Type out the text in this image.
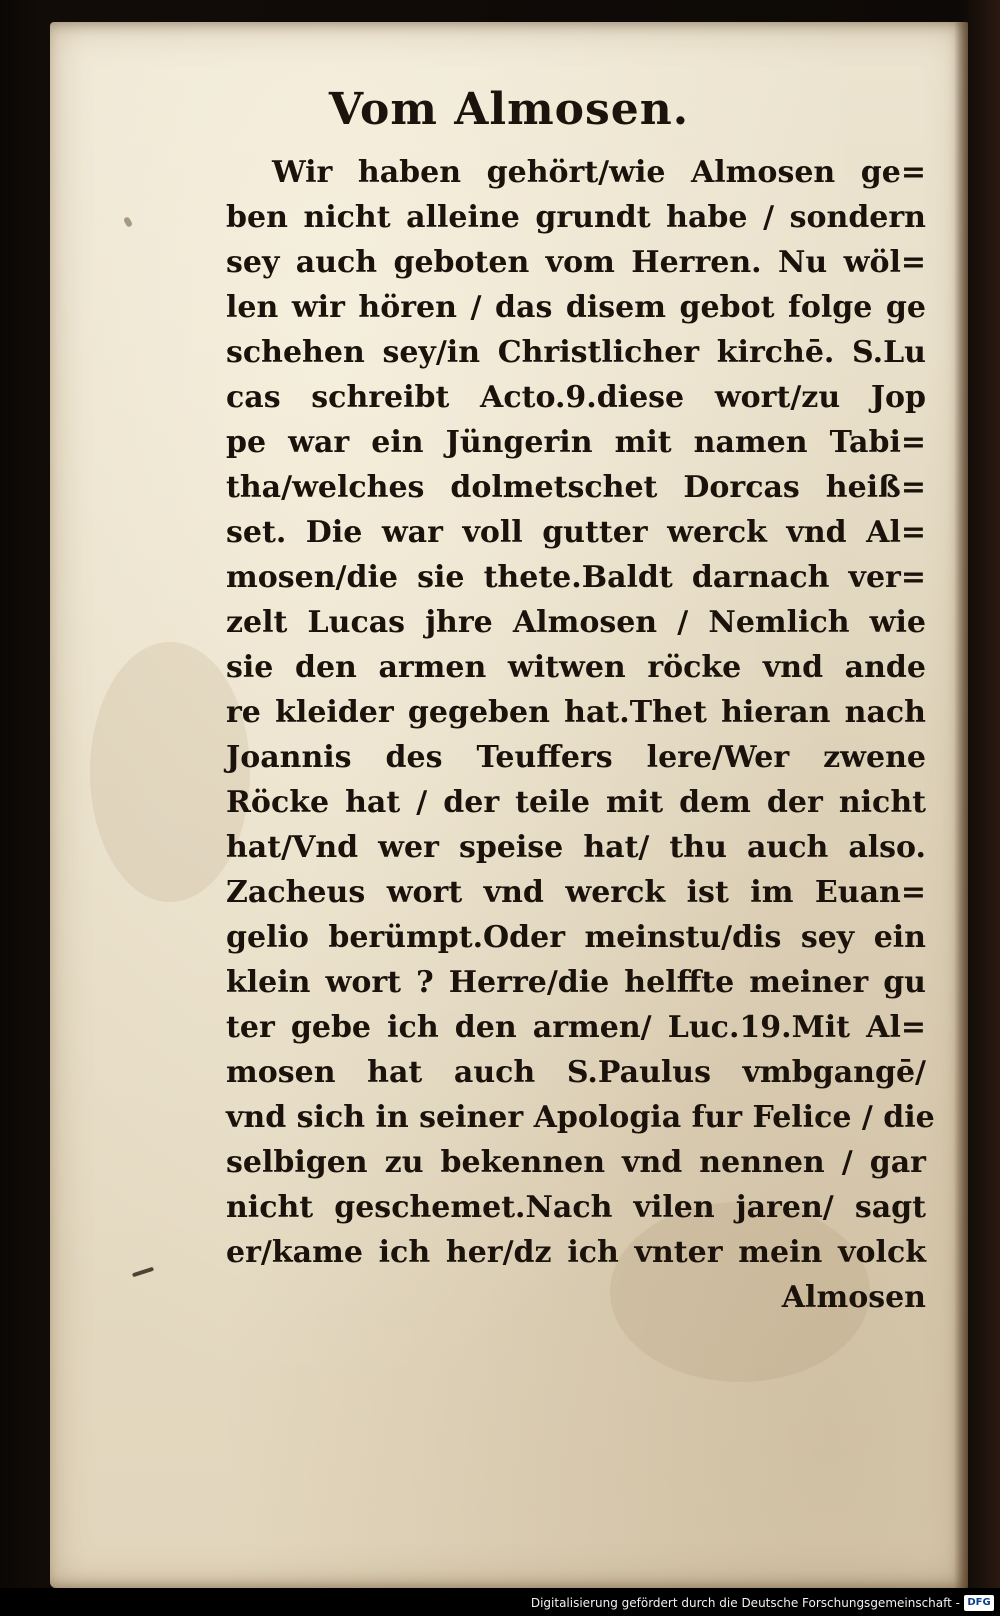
Vom Almosen.
Wir haben gehört/wie Almosen ge=
ben nicht alleine grundt habe / sondern
sey auch geboten vom Herren. Nu wöl=
len wir hören / das disem gebot folge ge
schehen sey/in Christlicher kirchē. S.Lu
cas schreibt Acto.9.diese wort/zu Jop
pe war ein Jüngerin mit namen Tabi=
tha/welches dolmetschet Dorcas heiß=
set. Die war voll gutter werck vnd Al=
mosen/die sie thete.Baldt darnach ver=
zelt Lucas jhre Almosen / Nemlich wie
sie den armen witwen röcke vnd ande
re kleider gegeben hat.Thet hieran nach
Joannis des Teuffers lere/Wer zwene
Röcke hat / der teile mit dem der nicht
hat/Vnd wer speise hat/ thu auch also.
Zacheus wort vnd werck ist im Euan=
gelio berümpt.Oder meinstu/dis sey ein
klein wort ? Herre/die helffte meiner gu
ter gebe ich den armen/ Luc.19.Mit Al=
mosen hat auch S.Paulus vmbgangē/
vnd sich in seiner Apologia fur Felice / die
selbigen zu bekennen vnd nennen / gar
nicht geschemet.Nach vilen jaren/ sagt
er/kame ich her/dz ich vnter mein volck
Almosen
Digitalisierung gefördert durch die Deutsche Forschungsgemeinschaft - DFG
